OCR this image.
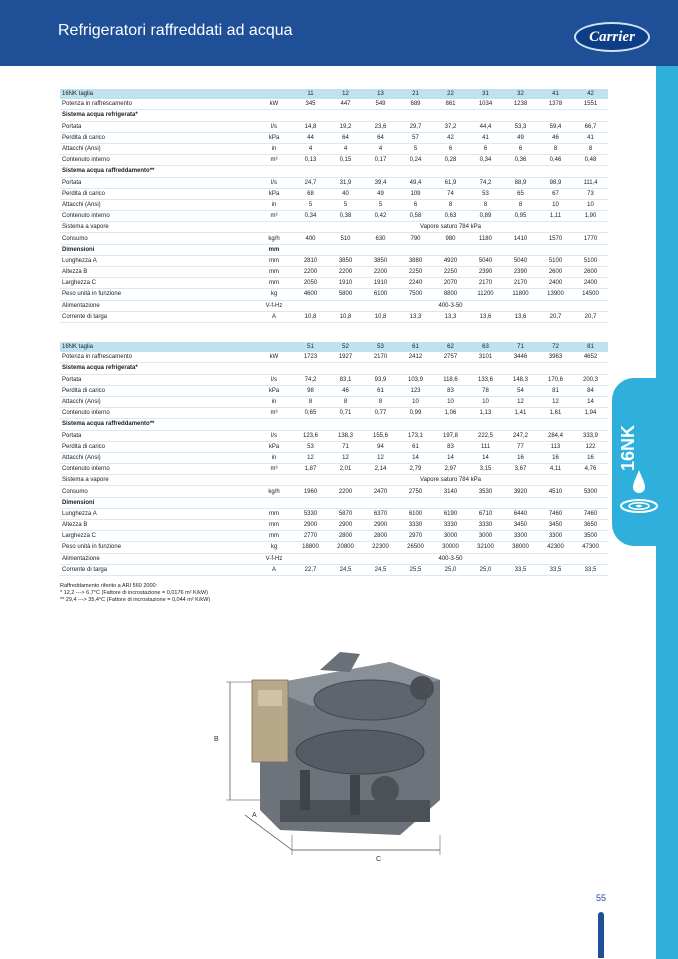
Refrigeratori raffreddati ad acqua	Carrier
16NK
16NK taglia		11	12	13	21	22	31	32	41	42
Potenza in raffrescamento	kW	345	447	549	689	861	1034	1238	1378	1551
Sistema acqua refrigerata*										
Portata	l/s	14,8	19,2	23,6	29,7	37,2	44,4	53,3	59,4	66,7
Perdita di carico	kPa	44	64	64	57	42	41	49	46	41
Attacchi (Ansi)	in	4	4	4	5	6	6	6	8	8
Contenuto interno	m³	0,13	0,15	0,17	0,24	0,28	0,34	0,36	0,46	0,48
Sistema acqua raffreddamento**										
Portata	l/s	24,7	31,9	39,4	49,4	61,9	74,2	88,9	98,9	111,4
Perdita di carico	kPa	68	40	49	109	74	53	65	67	73
Attacchi (Ansi)	in	5	5	5	6	8	8	8	10	10
Contenuto interno	m³	0,34	0,38	0,42	0,58	0,63	0,89	0,95	1,11	1,90
Sistema a vapore		Vapore saturo 784 kPa								
Consumo	kg/h	400	510	630	790	980	1180	1410	1570	1770
Dimensioni	mm									
Lunghezza A	mm	2810	3850	3850	3880	4920	5040	5040	5100	5100
Altezza B	mm	2200	2200	2200	2250	2250	2390	2390	2600	2600
Larghezza C	mm	2050	1910	1910	2240	2070	2170	2170	2400	2400
Peso unità in funzione	kg	4600	5800	6100	7500	8800	11200	11800	13900	14500
Alimentazione	V-f-Hz	400-3-50								
Corrente di targa	A	10,8	10,8	10,8	13,3	13,3	13,6	13,6	20,7	20,7
16NK taglia		51	52	53	61	62	63	71	72	81
Potenza in raffrescamento	kW	1723	1927	2170	2412	2757	3101	3446	3963	4652
Sistema acqua refrigerata*										
Portata	l/s	74,2	83,1	93,9	103,9	118,6	133,6	148,3	170,6	200,3
Perdita di carico	kPa	98	46	61	123	83	78	54	81	84
Attacchi (Ansi)	in	8	8	8	10	10	10	12	12	14
Contenuto interno	m³	0,65	0,71	0,77	0,99	1,06	1,13	1,41	1,61	1,94
Sistema acqua raffreddamento**										
Portata	l/s	123,6	138,3	155,6	173,1	197,8	222,5	247,2	284,4	333,9
Perdita di carico	kPa	53	71	94	61	83	111	77	113	122
Attacchi (Ansi)	in	12	12	12	14	14	14	16	16	16
Contenuto interno	m³	1,87	2,01	2,14	2,79	2,97	3,15	3,67	4,11	4,76
Sistema a vapore		Vapore saturo 784 kPa								
Consumo	kg/h	1960	2200	2470	2750	3140	3530	3920	4510	5300
Dimensioni										
Lunghezza A	mm	5330	5870	6370	6100	6190	6710	6440	7460	7460
Altezza B	mm	2900	2900	2900	3330	3330	3330	3450	3450	3650
Larghezza C	mm	2770	2800	2800	2970	3000	3000	3300	3300	3500
Peso unità in funzione	kg	18800	20800	22300	26500	30000	32100	38000	42300	47300
Alimentazione	V-f-Hz	400-3-50								
Corrente di targa	A	22,7	24,5	24,5	25,5	25,0	25,0	33,5	33,5	33,5
Raffreddamento riferito a ARI 560 2000:
* 12,2 ---> 6,7°C (Fattore di incrostazione = 0,0176 m² K/kW)
** 29,4 ---> 35,4°C (Fattore di incrostazione = 0,044 m² K/kW)
B
A
C
55
